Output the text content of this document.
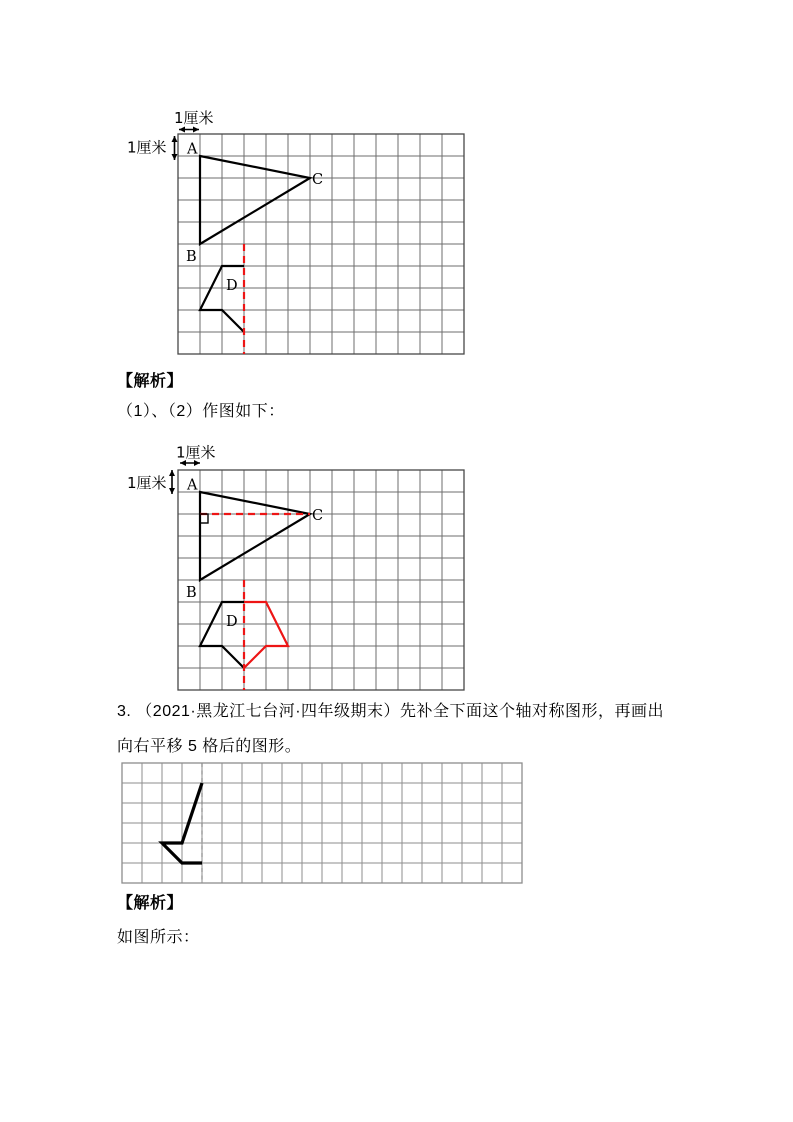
A
B
C
D
1厘米
1厘米
【解析】
（1）、（2）作图如下：
A
B
C
D
1厘米
1厘米
3. （2021·黑龙江七台河·四年级期末）先补全下面这个轴对称图形，再画出
向右平移 5 格后的图形。
【解析】
如图所示：
